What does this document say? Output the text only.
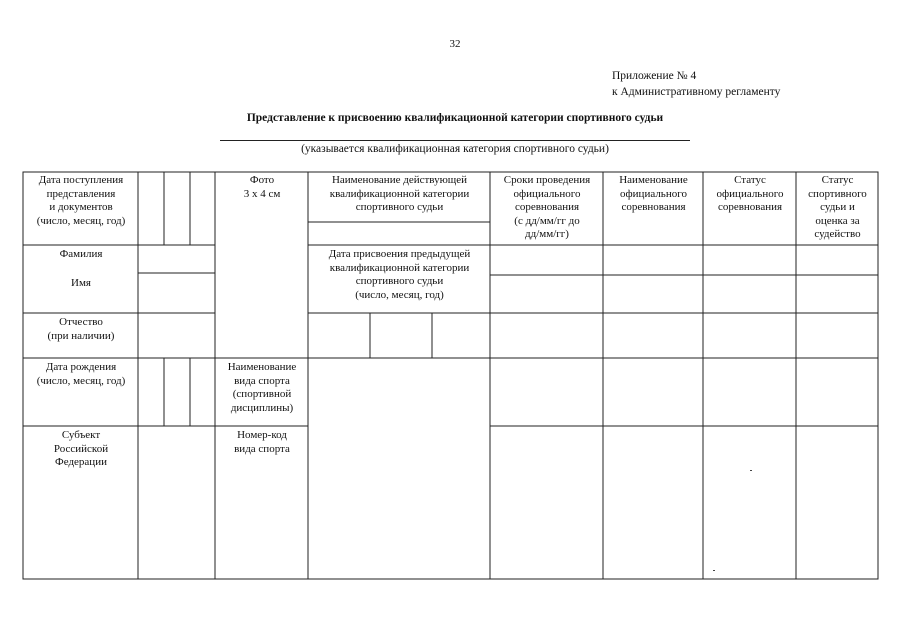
32
Приложение № 4
к Административному регламенту
Представление к присвоению квалификационной категории спортивного судьи
(указывается квалификационная категория спортивного судьи)
Дата поступления
представления
и документов
(число, месяц, год)
Фото
3 х 4 см
Наименование действующей
квалификационной категории
спортивного судьи
Сроки проведения
официального
соревнования
(с дд/мм/гг до
дд/мм/гг)
Наименование
официального
соревнования
Статус
официального
соревнования
Статус
спортивного
судьи и
оценка за
судейство
Фамилия
Имя
Дата присвоения предыдущей
квалификационной категории
спортивного судьи
(число, месяц, год)
Отчество
(при наличии)
Дата рождения
(число, месяц, год)
Наименование
вида спорта
(спортивной
дисциплины)
Субъект
Российской
Федерации
Номер-код
вида спорта
